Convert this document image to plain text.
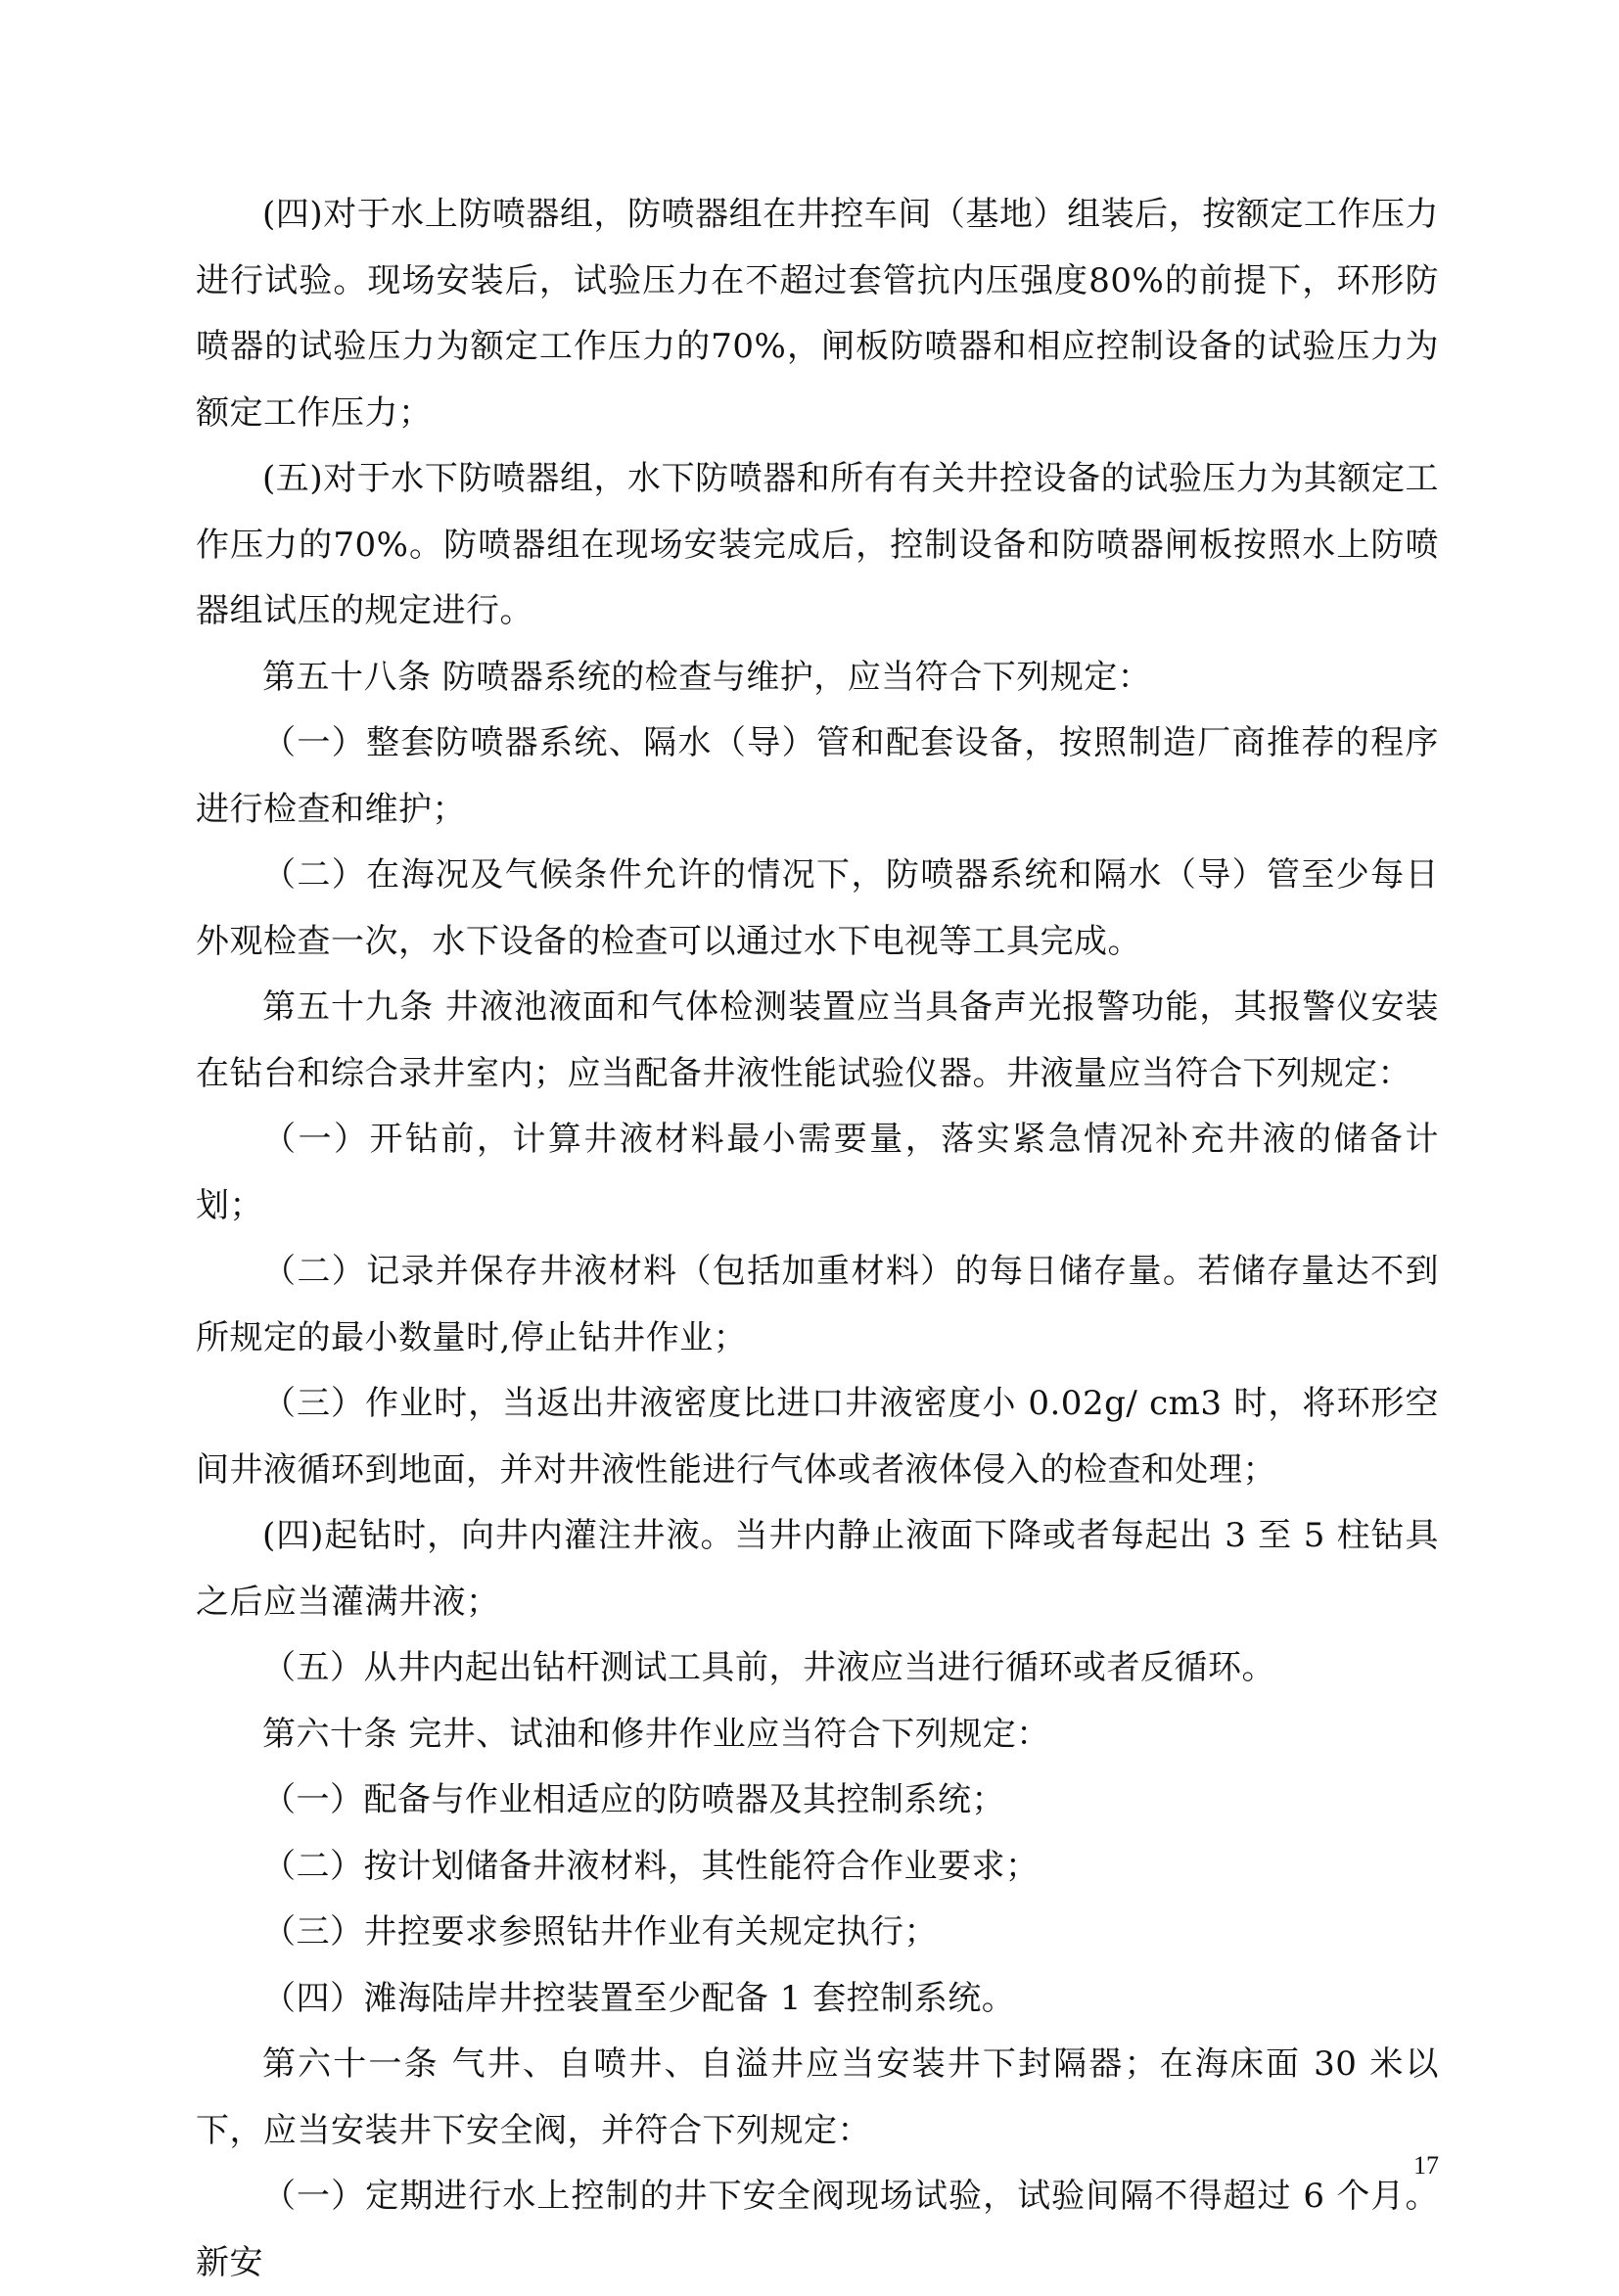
(四)对于水上防喷器组，防喷器组在井控车间（基地）组装后，按额定工作压力进行试验。现场安装后，试验压力在不超过套管抗内压强度80%的前提下，环形防喷器的试验压力为额定工作压力的70%，闸板防喷器和相应控制设备的试验压力为额定工作压力；

(五)对于水下防喷器组，水下防喷器和所有有关井控设备的试验压力为其额定工作压力的70%。防喷器组在现场安装完成后，控制设备和防喷器闸板按照水上防喷器组试压的规定进行。

第五十八条 防喷器系统的检查与维护，应当符合下列规定：

（一）整套防喷器系统、隔水（导）管和配套设备，按照制造厂商推荐的程序进行检查和维护；

（二）在海况及气候条件允许的情况下，防喷器系统和隔水（导）管至少每日外观检查一次，水下设备的检查可以通过水下电视等工具完成。

第五十九条 井液池液面和气体检测装置应当具备声光报警功能，其报警仪安装在钻台和综合录井室内；应当配备井液性能试验仪器。井液量应当符合下列规定：

（一）开钻前，计算井液材料最小需要量，落实紧急情况补充井液的储备计划；

（二）记录并保存井液材料（包括加重材料）的每日储存量。若储存量达不到所规定的最小数量时,停止钻井作业；

（三）作业时，当返出井液密度比进口井液密度小 0.02g/ cm3 时，将环形空间井液循环到地面，并对井液性能进行气体或者液体侵入的检查和处理；

(四)起钻时，向井内灌注井液。当井内静止液面下降或者每起出 3 至 5 柱钻具之后应当灌满井液；

（五）从井内起出钻杆测试工具前，井液应当进行循环或者反循环。

第六十条 完井、试油和修井作业应当符合下列规定：

（一）配备与作业相适应的防喷器及其控制系统；

（二）按计划储备井液材料，其性能符合作业要求；

（三）井控要求参照钻井作业有关规定执行；

（四）滩海陆岸井控装置至少配备 1 套控制系统。

第六十一条 气井、自喷井、自溢井应当安装井下封隔器；在海床面 30 米以下，应当安装井下安全阀，并符合下列规定：

（一）定期进行水上控制的井下安全阀现场试验，试验间隔不得超过 6 个月。新安

17
